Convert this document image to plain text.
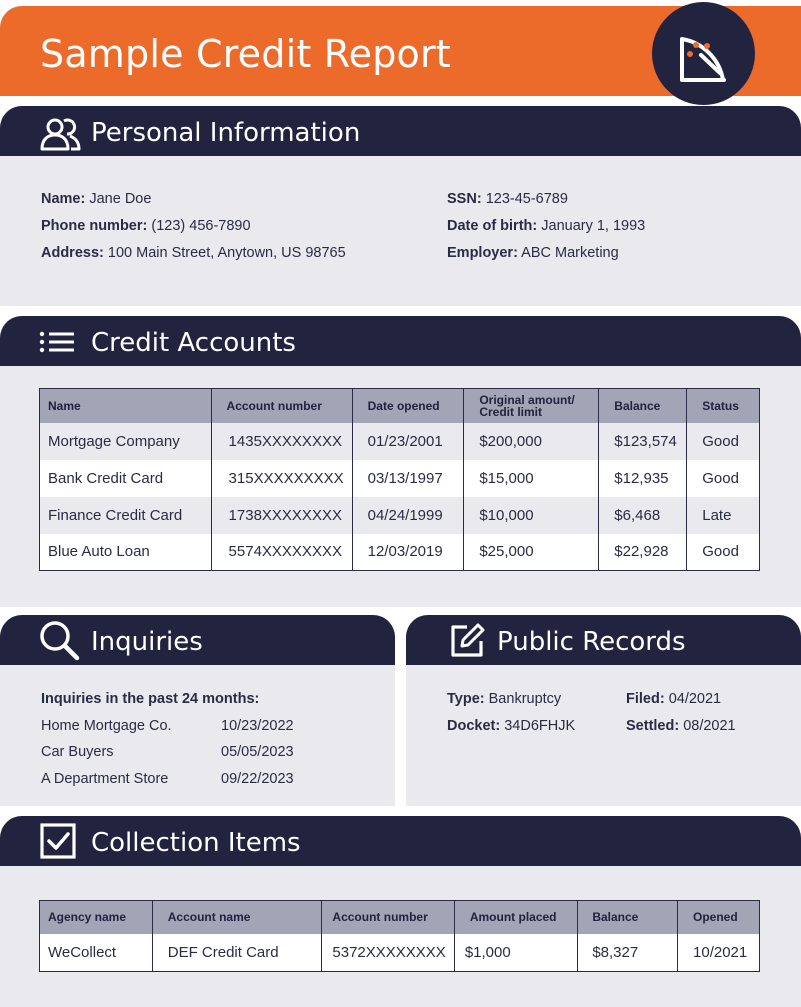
Sample Credit Report
Personal Information
Name: Jane Doe
Phone number: (123) 456-7890
Address: 100 Main Street, Anytown, US 98765
SSN: 123-45-6789
Date of birth: January 1, 1993
Employer: ABC Marketing
Credit Accounts
Name	Account number	Date opened	Original amount/ Credit limit	Balance	Status
Mortgage Company	1435XXXXXXXX	01/23/2001	$200,000	$123,574	Good
Bank Credit Card	315XXXXXXXXX	03/13/1997	$15,000	$12,935	Good
Finance Credit Card	1738XXXXXXXX	04/24/1999	$10,000	$6,468	Late
Blue Auto Loan	5574XXXXXXXX	12/03/2019	$25,000	$22,928	Good
Inquiries
Inquiries in the past 24 months:
Home Mortgage Co.	10/23/2022
Car Buyers	05/05/2023
A Department Store	09/22/2023
Public Records
Type: Bankruptcy	Filed: 04/2021
Docket: 34D6FHJK	Settled: 08/2021
Collection Items
Agency name	Account name	Account number	Amount placed	Balance	Opened
WeCollect	DEF Credit Card	5372XXXXXXXX	$1,000	$8,327	10/2021
